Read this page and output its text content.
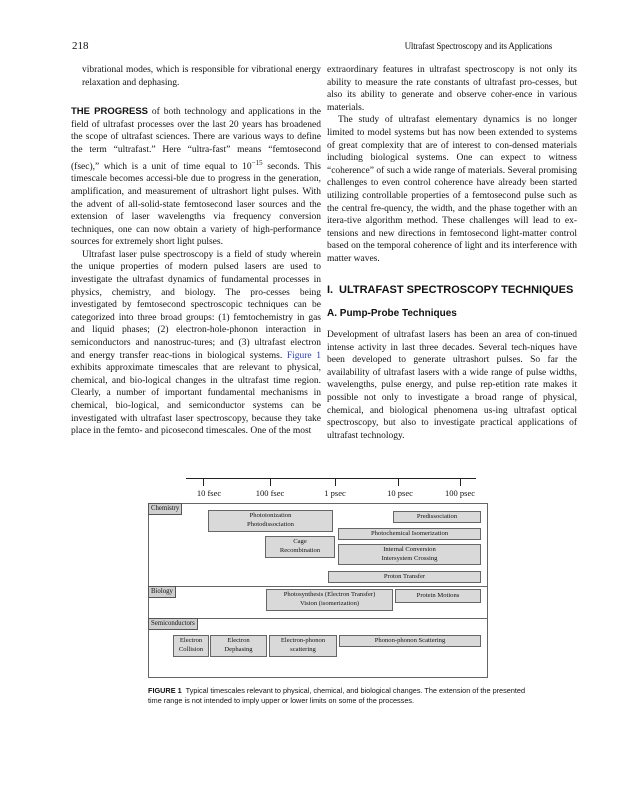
218	Ultrafast Spectroscopy and its Applications

vibrational modes, which is responsible for vibrational energy relaxation and dephasing.

THE PROGRESS of both technology and applications in the field of ultrafast processes over the last 20 years has broadened the scope of ultrafast sciences. There are various ways to define the term “ultrafast.” Here “ultra-fast” means “femtosecond (fsec),” which is a unit of time equal to $10^{-15}$ seconds. This timescale becomes accessi-ble due to progress in the generation, amplification, and measurement of ultrashort light pulses. With the advent of all-solid-state femtosecond laser sources and the extension of laser wavelengths via frequency conversion techniques, one can now obtain a variety of high-performance sources for extremely short light pulses.

Ultrafast laser pulse spectroscopy is a field of study wherein the unique properties of modern pulsed lasers are used to investigate the ultrafast dynamics of fundamental processes in physics, chemistry, and biology. The pro-cesses being investigated by femtosecond spectroscopic techniques can be categorized into three broad groups: (1) femtochemistry in gas and liquid phases; (2) electron-hole-phonon interaction in semiconductors and nanostruc-tures; and (3) ultrafast electron and energy transfer reac-tions in biological systems. Figure 1 exhibits approximate timescales that are relevant to physical, chemical, and bio-logical changes in the ultrafast time region. Clearly, a number of important fundamental mechanisms in chemical, bio-logical, and semiconductor systems can be investigated with ultrafast laser spectroscopy, because they take place in the femto- and picosecond timescales. One of the most

extraordinary features in ultrafast spectroscopy is not only its ability to measure the rate constants of ultrafast pro-cesses, but also its ability to generate and observe coher-ence in various materials.

The study of ultrafast elementary dynamics is no longer limited to model systems but has now been extended to systems of great complexity that are of interest to con-densed materials including biological systems. One can expect to witness “coherence” of such a wide range of materials. Several promising challenges to even control coherence have already been started utilizing controllable properties of a femtosecond pulse such as the central fre-quency, the width, and the phase together with an itera-tive algorithm method. These challenges will lead to ex-tensions and new directions in femtosecond light-matter control based on the temporal coherence of light and its interference with matter waves.

I. ULTRAFAST SPECTROSCOPY TECHNIQUES
A. Pump-Probe Techniques

Development of ultrafast lasers has been an area of con-tinued intense activity in last three decades. Several tech-niques have been developed to generate ultrashort pulses. So far the availability of ultrafast lasers with a wide range of pulse widths, wavelengths, pulse energy, and pulse rep-etition rate makes it possible not only to investigate a broad range of physical, chemical, and biological phenomena us-ing ultrafast optical spectroscopy, but also to investigate practical applications of ultrafast technology.

10 fsec	100 fsec	1 psec	10 psec	100 psec
Chemistry
Photoionization
Photodissociation
Predissociation
Photochemical Isomerization
Cage
Recombination	Internal Conversion
Intersystem Crossing
Proton Transfer
Biology	Photosynthesis (Electron Transfer)
Vision (isomerization)
Protein Motions
Semiconductors
Electron
Collision
Electron
Dephasing
Electron-phonon
scattering
Phonon-phonon Scattering
FIGURE 1 Typical timescales relevant to physical, chemical, and biological changes. The extension of the presented time range is not intended to imply upper or lower limits on some of the processes.
